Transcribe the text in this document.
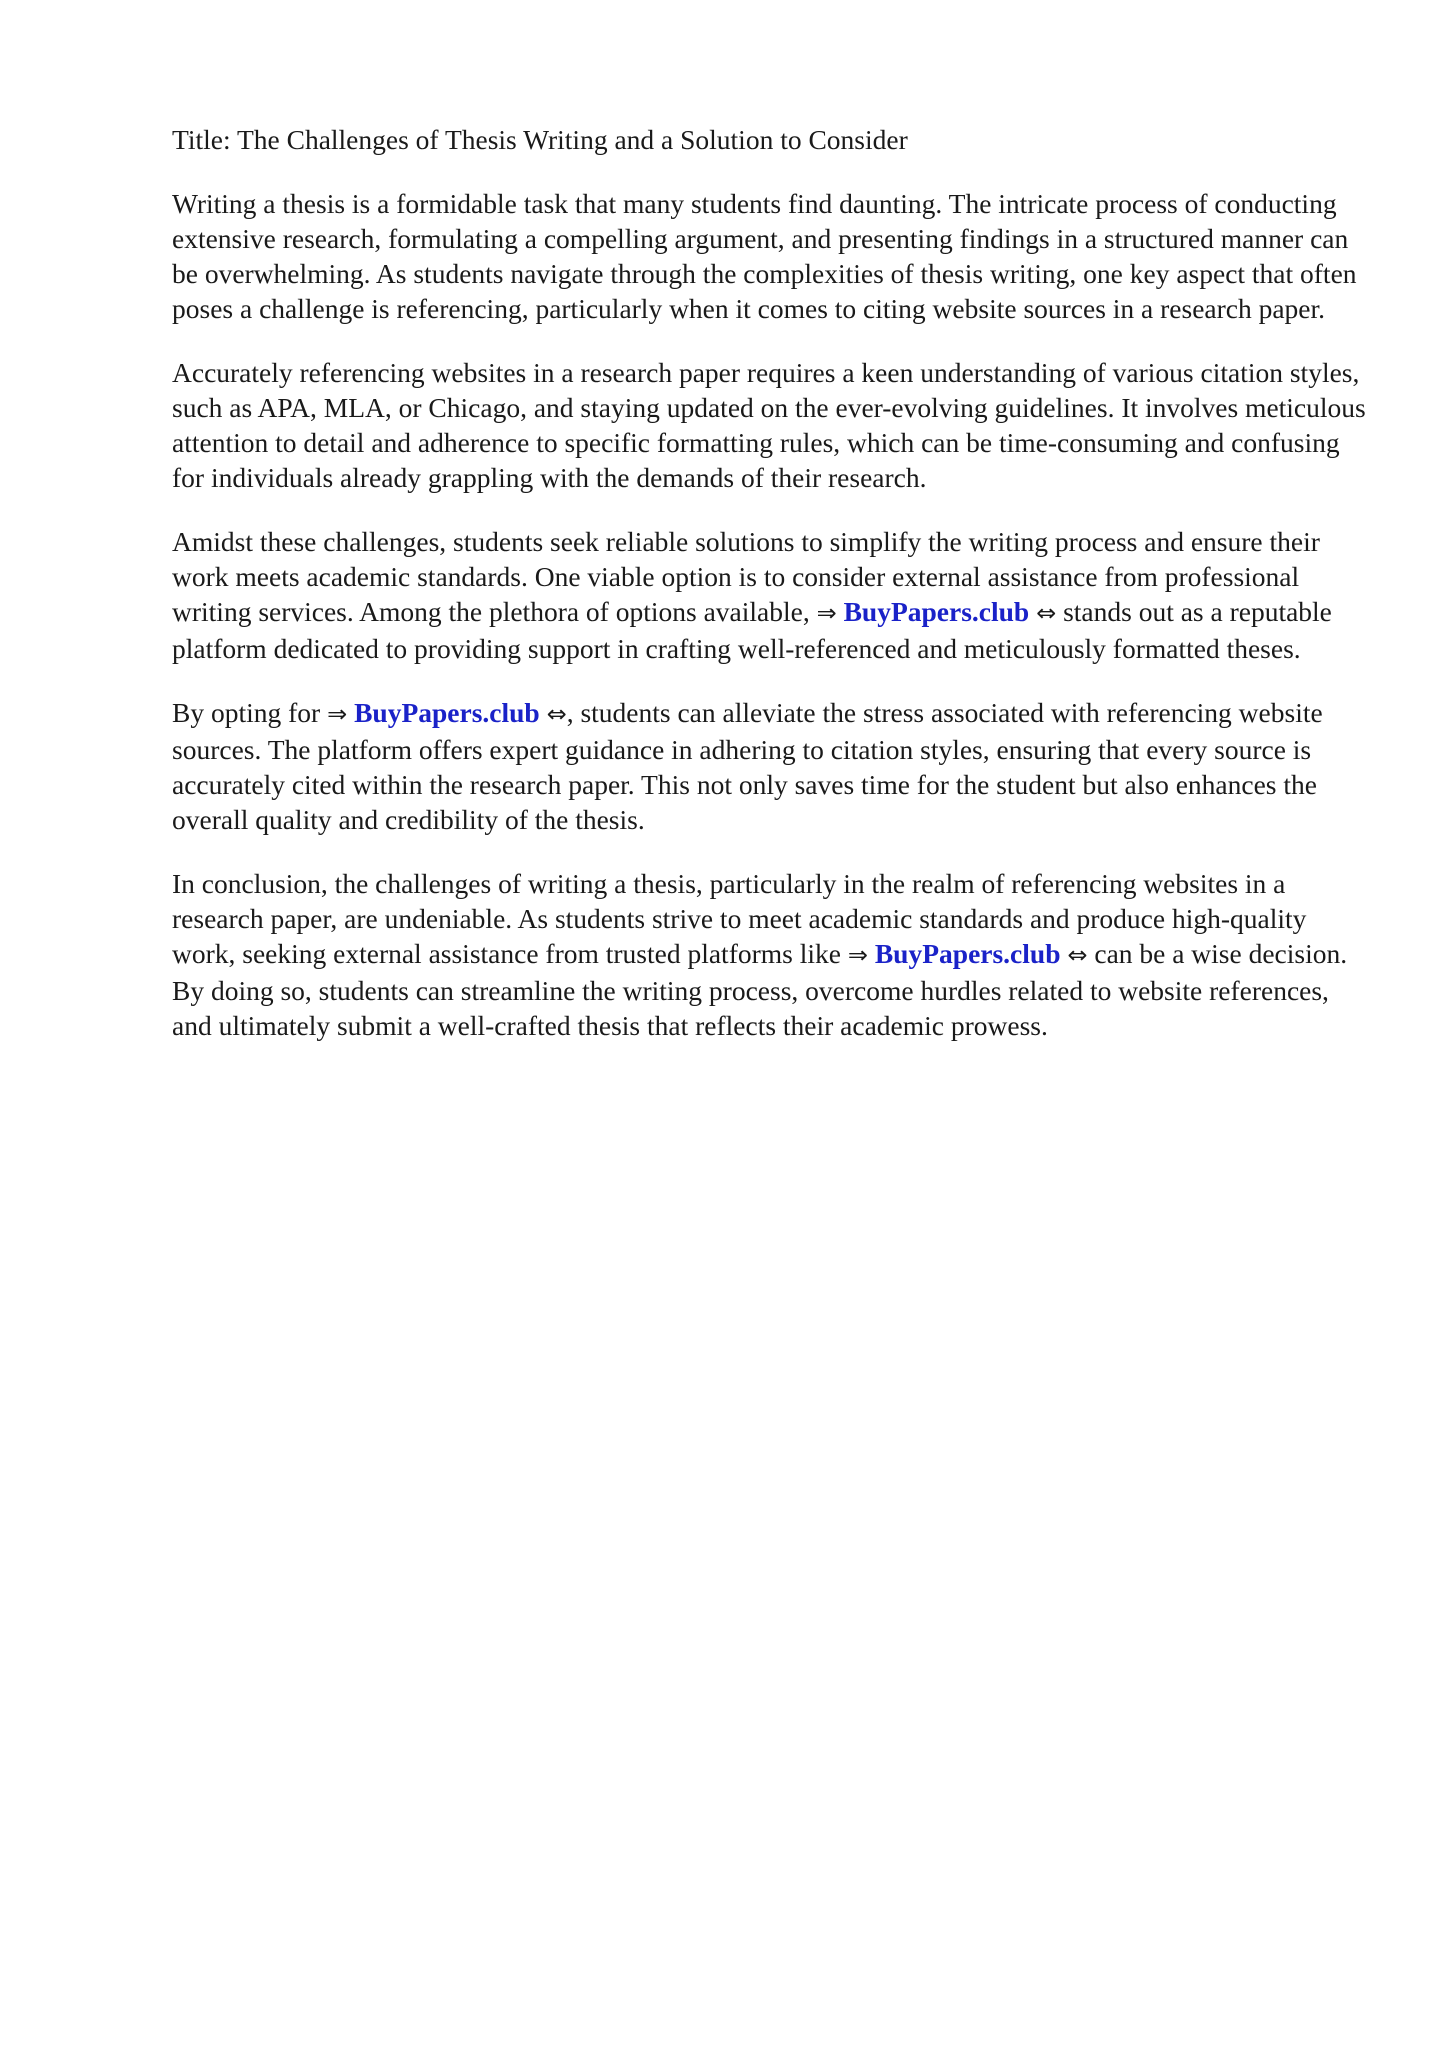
Title: The Challenges of Thesis Writing and a Solution to Consider

Writing a thesis is a formidable task that many students find daunting. The intricate process of conducting extensive research, formulating a compelling argument, and presenting findings in a structured manner can be overwhelming. As students navigate through the complexities of thesis writing, one key aspect that often poses a challenge is referencing, particularly when it comes to citing website sources in a research paper.

Accurately referencing websites in a research paper requires a keen understanding of various citation styles, such as APA, MLA, or Chicago, and staying updated on the ever-evolving guidelines. It involves meticulous attention to detail and adherence to specific formatting rules, which can be time-consuming and confusing for individuals already grappling with the demands of their research.

Amidst these challenges, students seek reliable solutions to simplify the writing process and ensure their work meets academic standards. One viable option is to consider external assistance from professional writing services. Among the plethora of options available, ⇒ BuyPapers.club ⇔ stands out as a reputable platform dedicated to providing support in crafting well-referenced and meticulously formatted theses.

By opting for ⇒ BuyPapers.club ⇔, students can alleviate the stress associated with referencing website sources. The platform offers expert guidance in adhering to citation styles, ensuring that every source is accurately cited within the research paper. This not only saves time for the student but also enhances the overall quality and credibility of the thesis.

In conclusion, the challenges of writing a thesis, particularly in the realm of referencing websites in a research paper, are undeniable. As students strive to meet academic standards and produce high-quality work, seeking external assistance from trusted platforms like ⇒ BuyPapers.club ⇔ can be a wise decision. By doing so, students can streamline the writing process, overcome hurdles related to website references, and ultimately submit a well-crafted thesis that reflects their academic prowess.
